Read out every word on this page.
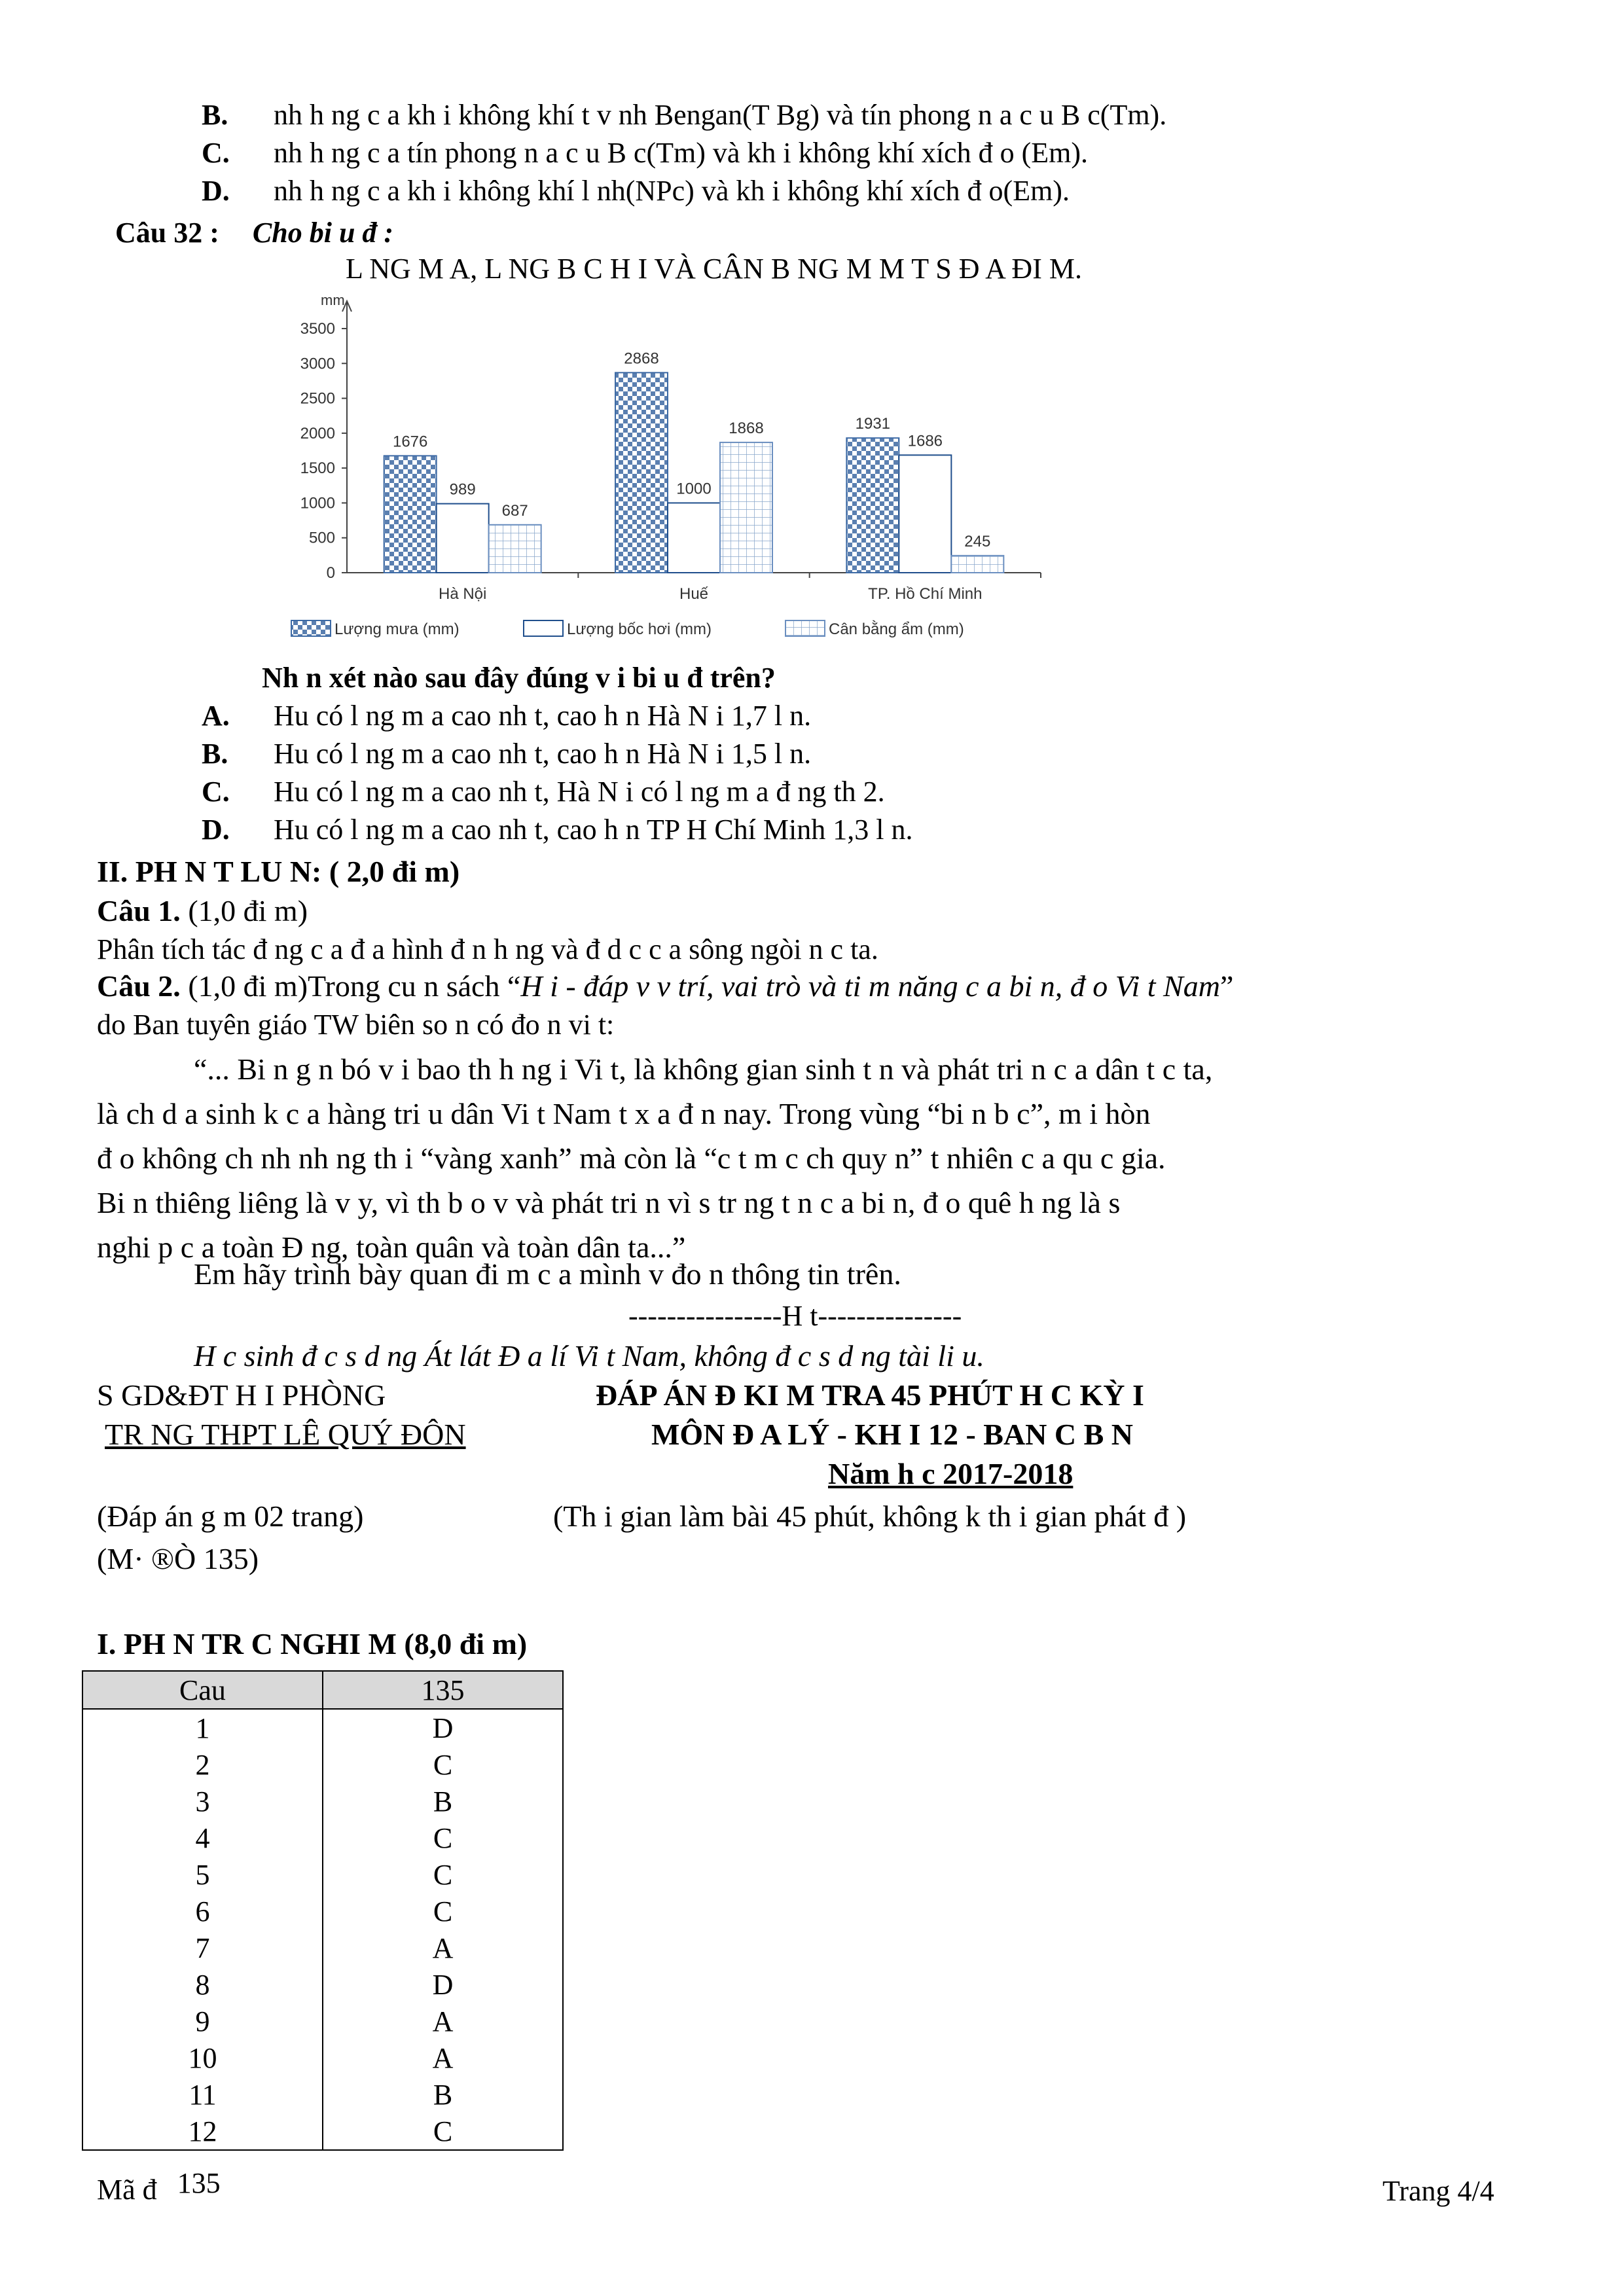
B. nh h ng c a kh i không khí t v nh Bengan(T Bg) và tín phong n a c u B c(Tm).
C. nh h ng c a tín phong n a c u B c(Tm) và kh i không khí xích đ o (Em).
D. nh h ng c a kh i không khí l nh(NPc) và kh i không khí xích đ o(Em).
Câu 32 : Cho bi u đ :
L NG M A, L NG B C H I VÀ CÂN B NG M M T S Đ A ĐI M.
mm
0
500
1000
1500
2000
2500
3000
3500
1676
989
687
Hà Nội
2868
1000
1868
Huế
1931
1686
245
TP. Hồ Chí Minh
Lượng mưa (mm)	Lượng bốc hơi (mm)	Cân bằng ẩm (mm)
Nh n xét nào sau đây đúng v i bi u đ trên?
A. Hu có l ng m a cao nh t, cao h n Hà N i 1,7 l n.
B. Hu có l ng m a cao nh t, cao h n Hà N i 1,5 l n.
C. Hu có l ng m a cao nh t, Hà N i có l ng m a đ ng th 2.
D. Hu có l ng m a cao nh t, cao h n TP H Chí Minh 1,3 l n.
II. PH N T LU N: ( 2,0 đi m)
Câu 1. (1,0 đi m)
Phân tích tác đ ng c a đ a hình đ n h ng và đ d c c a sông ngòi n c ta.
Câu 2. (1,0 đi m)Trong cu n sách “H i - đáp v v trí, vai trò và ti m năng c a bi n, đ o Vi t Nam”
do Ban tuyên giáo TW biên so n có đo n vi t:

“... Bi n g n bó v i bao th h ng i Vi t, là không gian sinh t n và phát tri n c a dân t c ta,

là ch d a sinh k c a hàng tri u dân Vi t Nam t x a đ n nay. Trong vùng “bi n b c”, m i hòn

đ o không ch nh nh ng th i “vàng xanh” mà còn là “c t m c ch quy n” t nhiên c a qu c gia.

Bi n thiêng liêng là v y, vì th b o v và phát tri n vì s tr ng t n c a bi n, đ o quê h ng là s

nghi p c a toàn Đ ng, toàn quân và toàn dân ta...”

Em hãy trình bày quan đi m c a mình v đo n thông tin trên.
----------------H t---------------
H c sinh đ c s d ng Át lát Đ a lí Vi t Nam, không đ c s d ng tài li u.
S GD&ĐT H I PHÒNG
TR NG THPT LÊ QUÝ ĐÔN
ĐÁP ÁN Đ KI M TRA 45 PHÚT H C KỲ I
MÔN Đ A LÝ - KH I 12 - BAN C B N
Năm h c 2017-2018
(Đáp án g m 02 trang)	(Th i gian làm bài 45 phút, không k th i gian phát đ )
(M· ®Ò 135)
I. PH N TR C NGHI M (8,0 đi m)
Cau	135
1	D
2	C
3	B
4	C
5	C
6	C
7	A
8	D
9	A
10	A
11	B
12	C
Mã đ 135	Trang 4/4
